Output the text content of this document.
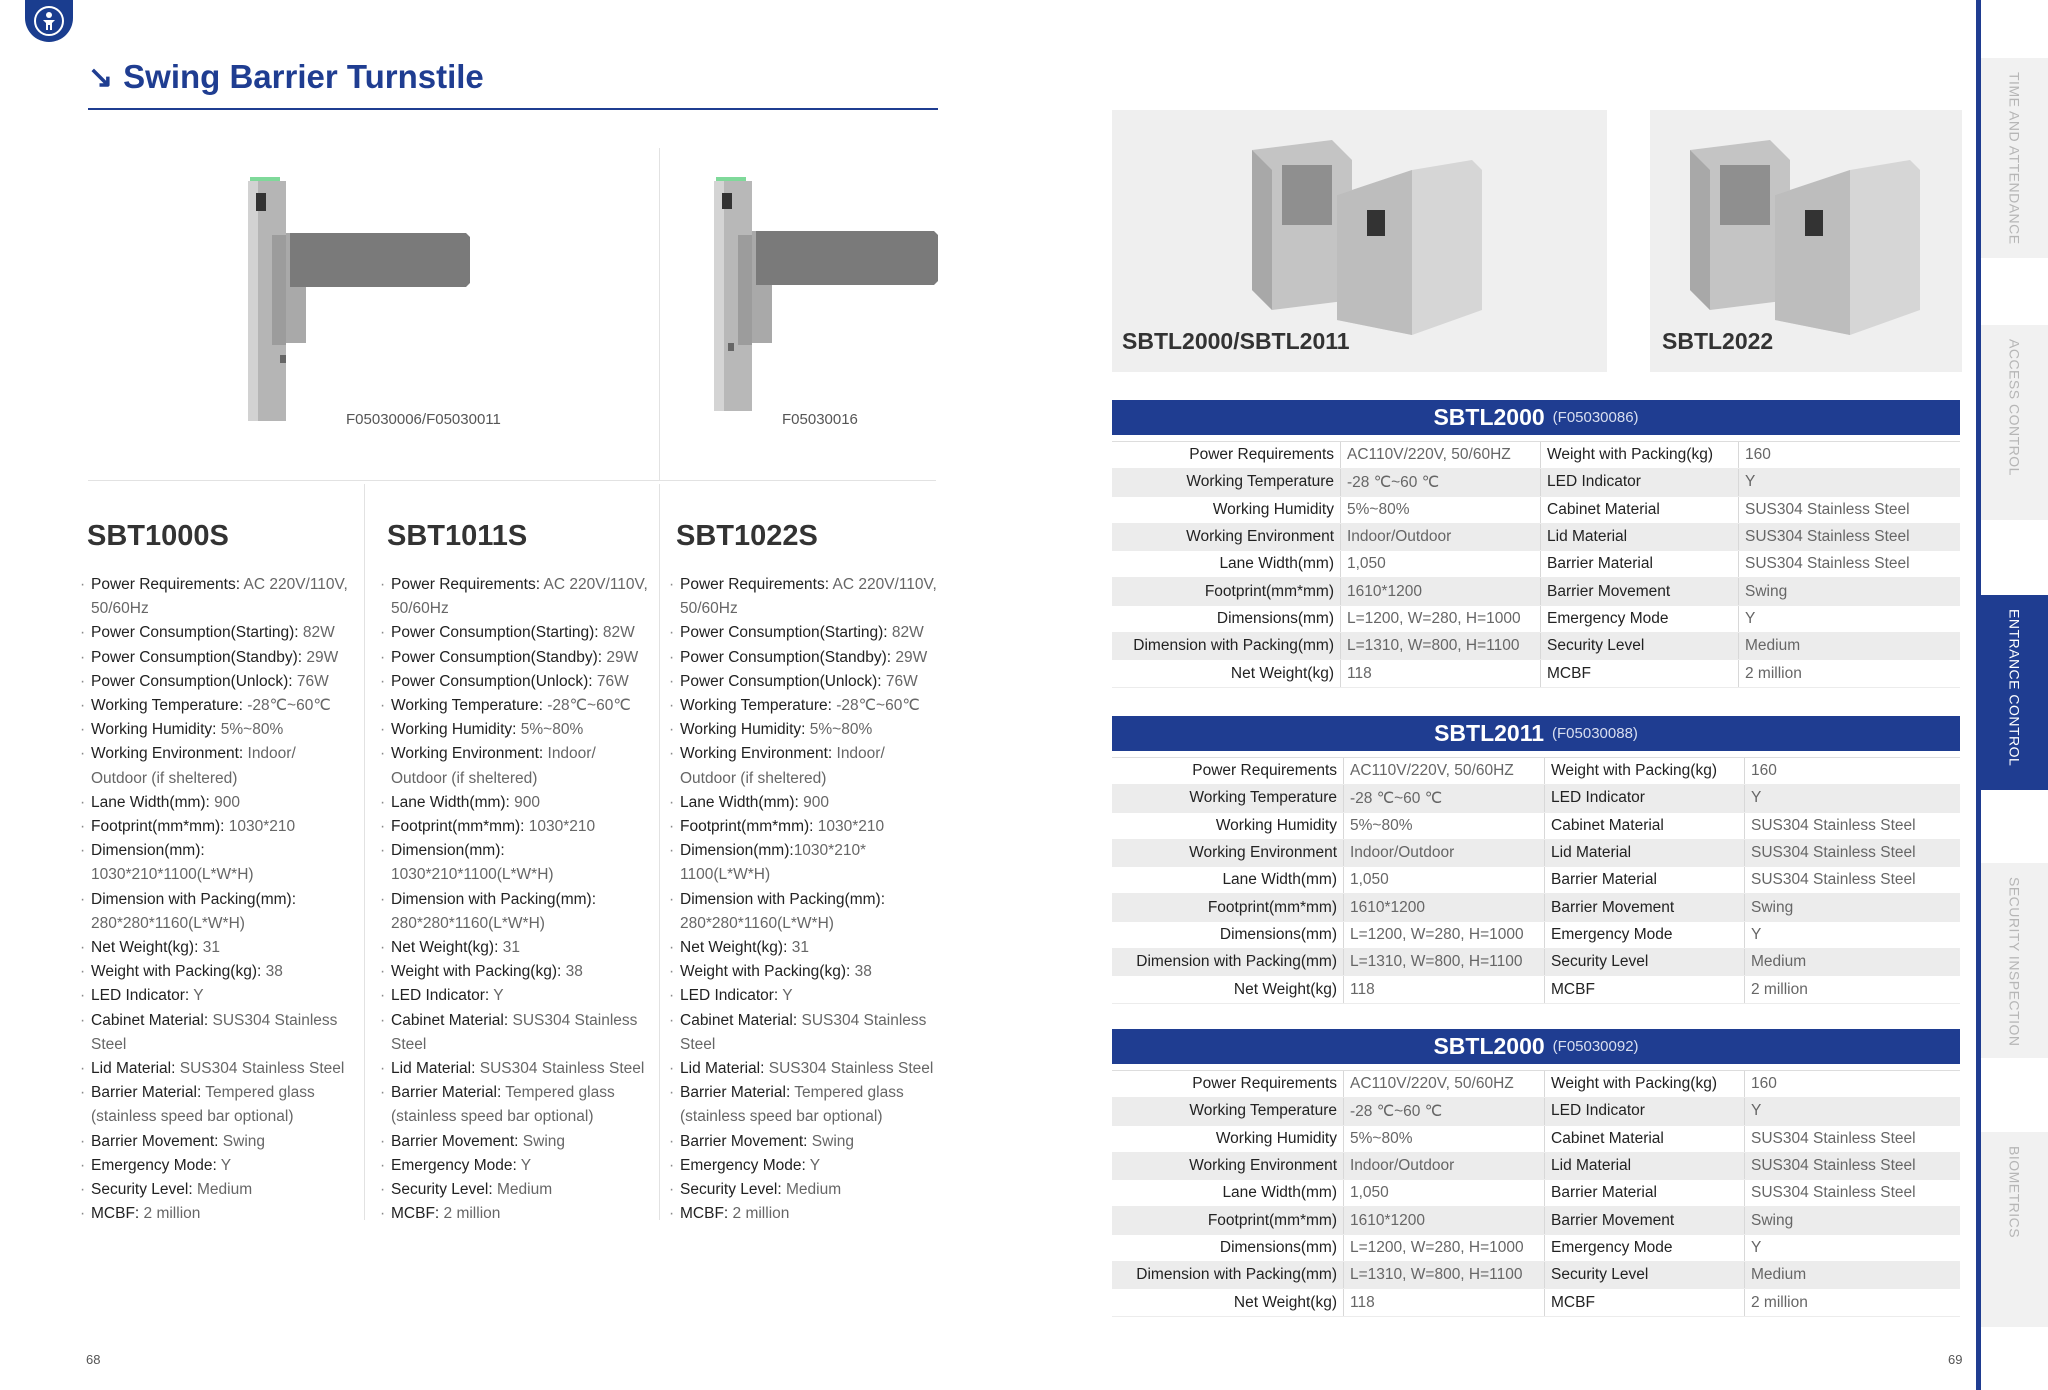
↘ Swing Barrier Turnstile
F05030006/F05030011	F05030016
SBT1000S
· Power Requirements: AC 220V/110V, 50/60Hz
· Power Consumption(Starting): 82W
· Power Consumption(Standby): 29W
· Power Consumption(Unlock): 76W
· Working Temperature: -28℃~60℃
· Working Humidity: 5%~80%
· Working Environment: Indoor/ Outdoor (if sheltered)
· Lane Width(mm): 900
· Footprint(mm*mm): 1030*210
· Dimension(mm): 1030*210*1100(L*W*H)
· Dimension with Packing(mm): 280*280*1160(L*W*H)
· Net Weight(kg): 31
· Weight with Packing(kg): 38
· LED Indicator: Y
· Cabinet Material: SUS304 Stainless Steel
· Lid Material: SUS304 Stainless Steel
· Barrier Material: Tempered glass (stainless speed bar optional)
· Barrier Movement: Swing
· Emergency Mode: Y
· Security Level: Medium
· MCBF: 2 million
SBT1011S
· Power Requirements: AC 220V/110V, 50/60Hz
· Power Consumption(Starting): 82W
· Power Consumption(Standby): 29W
· Power Consumption(Unlock): 76W
· Working Temperature: -28℃~60℃
· Working Humidity: 5%~80%
· Working Environment: Indoor/ Outdoor (if sheltered)
· Lane Width(mm): 900
· Footprint(mm*mm): 1030*210
· Dimension(mm): 1030*210*1100(L*W*H)
· Dimension with Packing(mm): 280*280*1160(L*W*H)
· Net Weight(kg): 31
· Weight with Packing(kg): 38
· LED Indicator: Y
· Cabinet Material: SUS304 Stainless Steel
· Lid Material: SUS304 Stainless Steel
· Barrier Material: Tempered glass (stainless speed bar optional)
· Barrier Movement: Swing
· Emergency Mode: Y
· Security Level: Medium
· MCBF: 2 million
SBT1022S
· Power Requirements: AC 220V/110V, 50/60Hz
· Power Consumption(Starting): 82W
· Power Consumption(Standby): 29W
· Power Consumption(Unlock): 76W
· Working Temperature: -28℃~60℃
· Working Humidity: 5%~80%
· Working Environment: Indoor/ Outdoor (if sheltered)
· Lane Width(mm): 900
· Footprint(mm*mm): 1030*210
· Dimension(mm):1030*210* 1100(L*W*H)
· Dimension with Packing(mm): 280*280*1160(L*W*H)
· Net Weight(kg): 31
· Weight with Packing(kg): 38
· LED Indicator: Y
· Cabinet Material: SUS304 Stainless Steel
· Lid Material: SUS304 Stainless Steel
· Barrier Material: Tempered glass (stainless speed bar optional)
· Barrier Movement: Swing
· Emergency Mode: Y
· Security Level: Medium
· MCBF: 2 million
SBTL2000/SBTL2011	SBTL2022
SBTL2000 (F05030086)
Power Requirements AC110V/220V, 50/60HZ	Weight with Packing(kg)	160
Working Temperature -28 ℃~60 ℃	LED Indicator	Y
Working Humidity 5%~80%	Cabinet Material	SUS304 Stainless Steel
Working Environment Indoor/Outdoor	Lid Material	SUS304 Stainless Steel
Lane Width(mm) 1,050	Barrier Material	SUS304 Stainless Steel
Footprint(mm*mm) 1610*1200	Barrier Movement	Swing
Dimensions(mm) L=1200, W=280, H=1000	Emergency Mode	Y
Dimension with Packing(mm) L=1310, W=800, H=1100	Security Level	Medium
Net Weight(kg) 118	MCBF	2 million
SBTL2011 (F05030088)
Power Requirements AC110V/220V, 50/60HZ	Weight with Packing(kg)	160
Working Temperature -28 ℃~60 ℃	LED Indicator	Y
Working Humidity 5%~80%	Cabinet Material	SUS304 Stainless Steel
Working Environment Indoor/Outdoor	Lid Material	SUS304 Stainless Steel
Lane Width(mm) 1,050	Barrier Material	SUS304 Stainless Steel
Footprint(mm*mm) 1610*1200	Barrier Movement	Swing
Dimensions(mm) L=1200, W=280, H=1000	Emergency Mode	Y
Dimension with Packing(mm) L=1310, W=800, H=1100	Security Level	Medium
Net Weight(kg) 118	MCBF	2 million
SBTL2000 (F05030092)
Power Requirements AC110V/220V, 50/60HZ	Weight with Packing(kg)	160
Working Temperature -28 ℃~60 ℃	LED Indicator	Y
Working Humidity 5%~80%	Cabinet Material	SUS304 Stainless Steel
Working Environment Indoor/Outdoor	Lid Material	SUS304 Stainless Steel
Lane Width(mm) 1,050	Barrier Material	SUS304 Stainless Steel
Footprint(mm*mm) 1610*1200	Barrier Movement	Swing
Dimensions(mm) L=1200, W=280, H=1000	Emergency Mode	Y
Dimension with Packing(mm) L=1310, W=800, H=1100	Security Level	Medium
Net Weight(kg) 118	MCBF	2 million
TIME AND ATTENDANCE
ACCESS CONTROL
ENTRANCE CONTROL
SECURITY INSPECTION
BIOMETRICS
68	69
